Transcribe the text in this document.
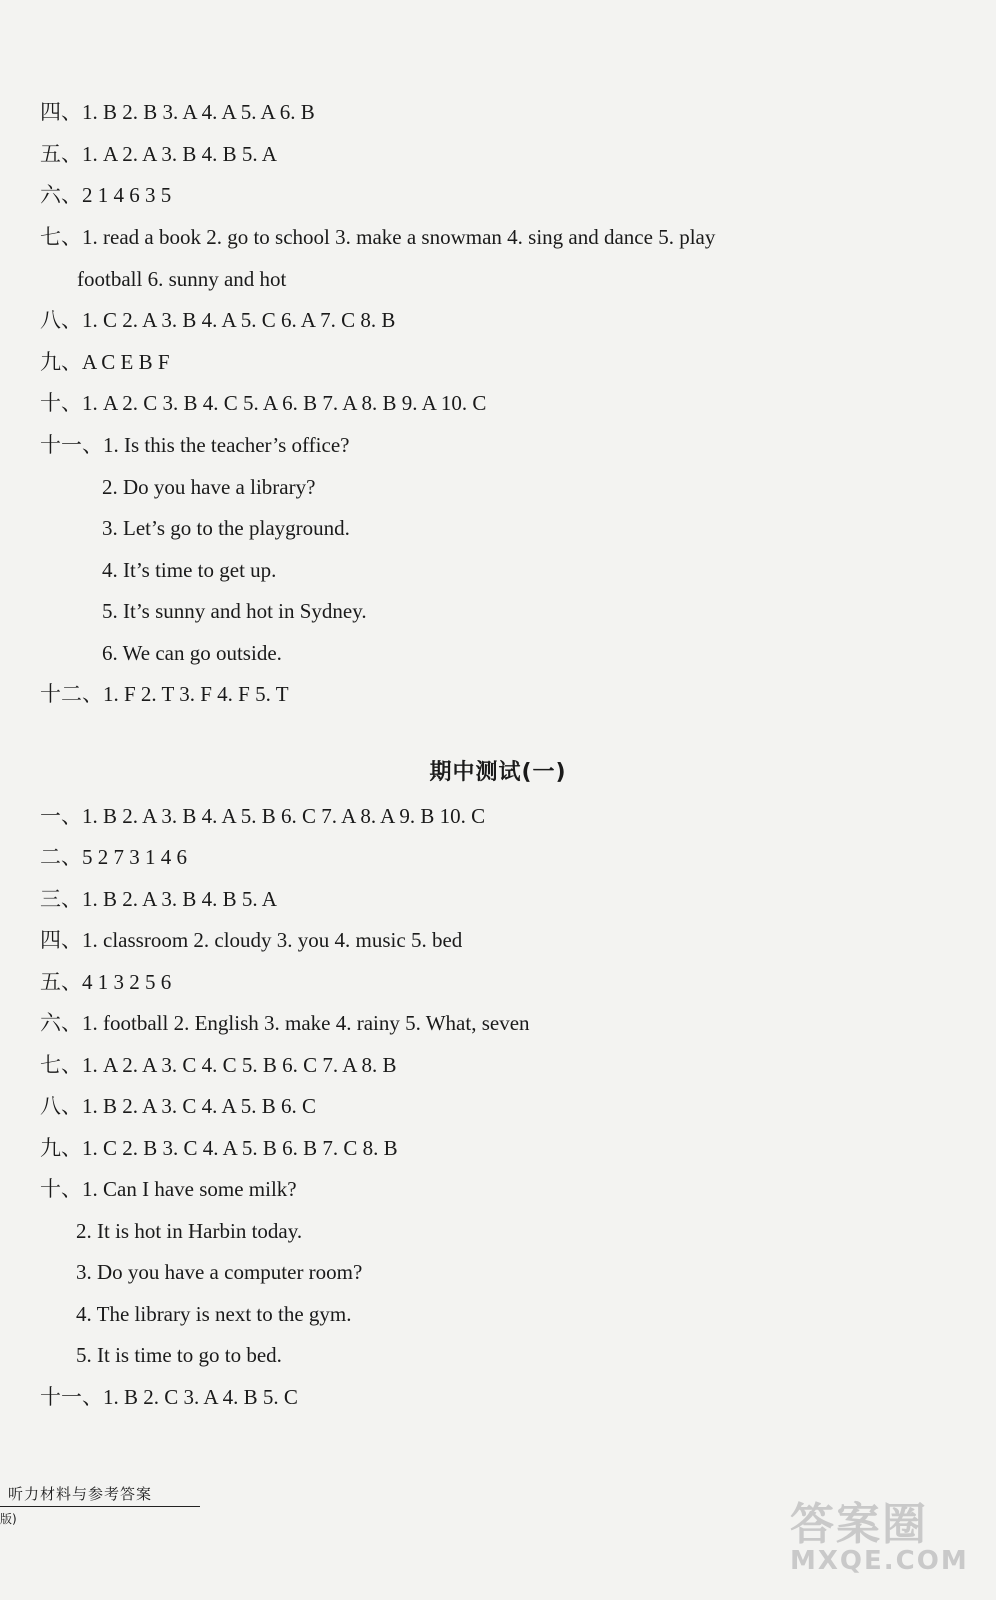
四、1. B 2. B 3. A 4. A 5. A 6. B
五、1. A 2. A 3. B 4. B 5. A
六、2 1 4 6 3 5
七、1. read a book 2. go to school 3. make a snowman 4. sing and dance 5. play
football 6. sunny and hot
八、1. C 2. A 3. B 4. A 5. C 6. A 7. C 8. B
九、A C E B F
十、1. A 2. C 3. B 4. C 5. A 6. B 7. A 8. B 9. A 10. C
十一、1. Is this the teacher’s office?
2. Do you have a library?
3. Let’s go to the playground.
4. It’s time to get up.
5. It’s sunny and hot in Sydney.
6. We can go outside.
十二、1. F 2. T 3. F 4. F 5. T
期中测试(一)
一、1. B 2. A 3. B 4. A 5. B 6. C 7. A 8. A 9. B 10. C
二、5 2 7 3 1 4 6
三、1. B 2. A 3. B 4. B 5. A
四、1. classroom 2. cloudy 3. you 4. music 5. bed
五、4 1 3 2 5 6
六、1. football 2. English 3. make 4. rainy 5. What, seven
七、1. A 2. A 3. C 4. C 5. B 6. C 7. A 8. B
八、1. B 2. A 3. C 4. A 5. B 6. C
九、1. C 2. B 3. C 4. A 5. B 6. B 7. C 8. B
十、1. Can I have some milk?
2. It is hot in Harbin today.
3. Do you have a computer room?
4. The library is next to the gym.
5. It is time to go to bed.
十一、1. B 2. C 3. A 4. B 5. C
听力材料与参考答案
版)	答案圈
MXQE.COM
